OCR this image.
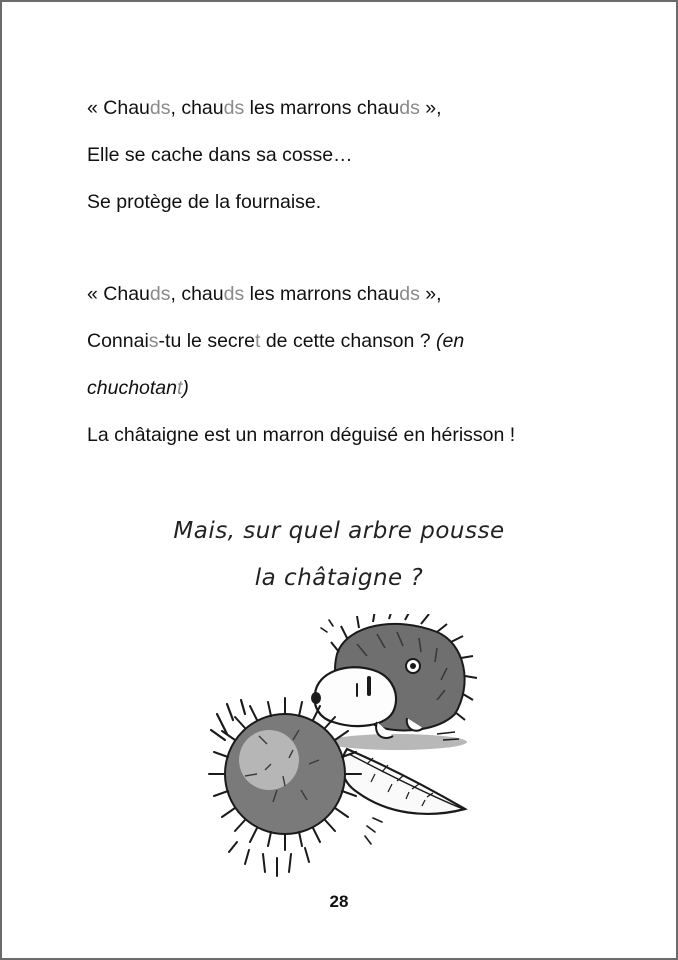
« Chauds, chauds les marrons chauds »,
Elle se cache dans sa cosse…
Se protège de la fournaise.
« Chauds, chauds les marrons chauds »,
Connais-tu le secret de cette chanson ? (en
chuchotant)
La châtaigne est un marron déguisé en hérisson !
Mais, sur quel arbre pousse
la châtaigne ?
28
